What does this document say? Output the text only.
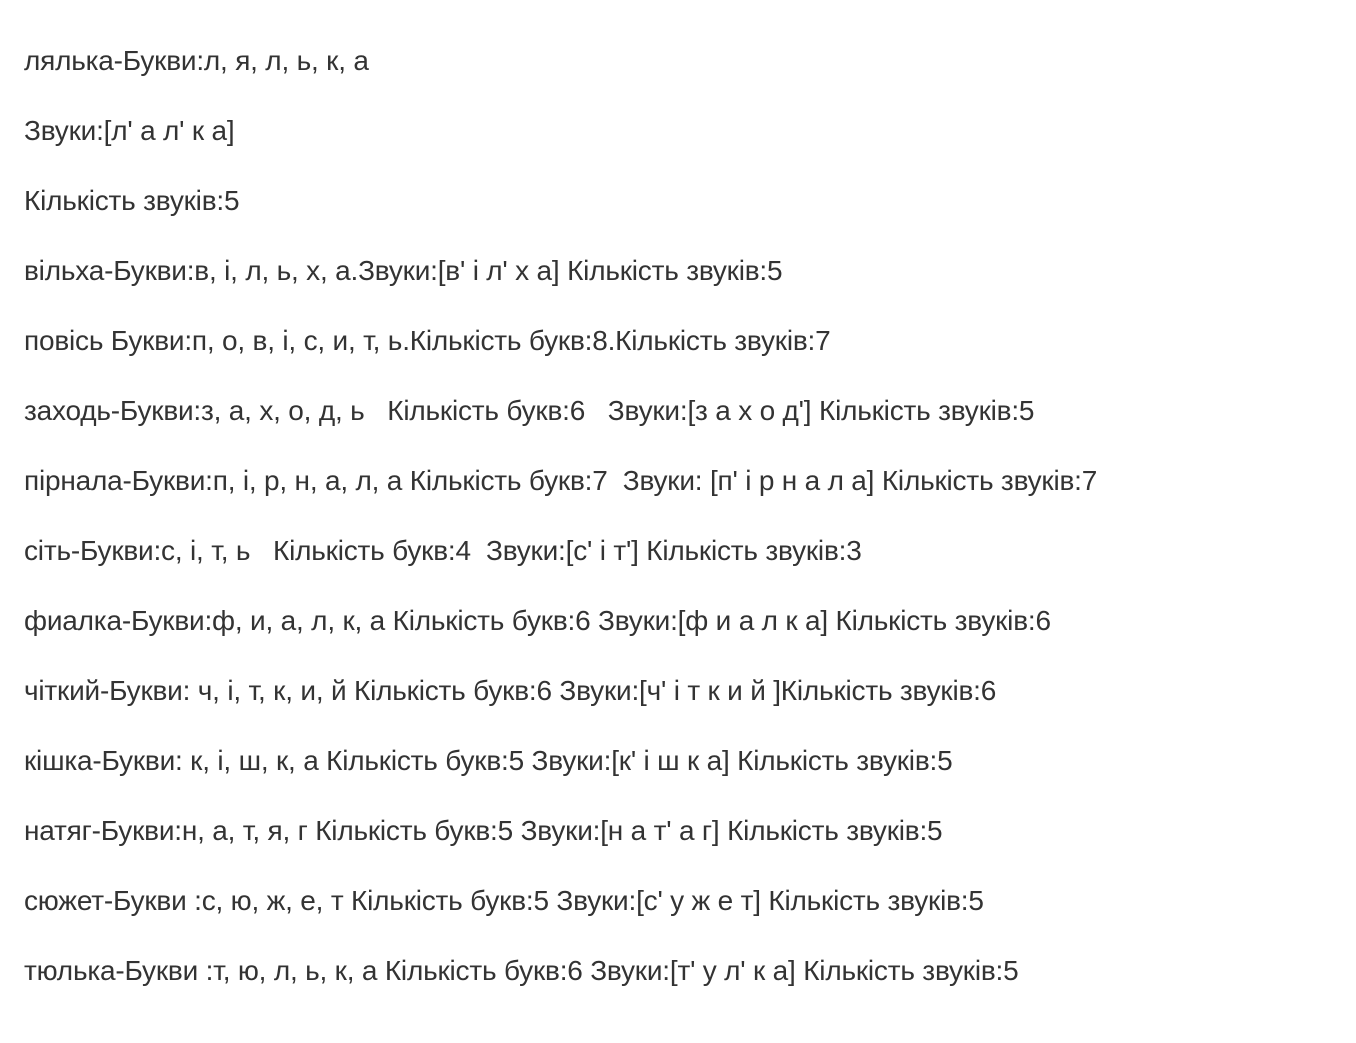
лялька-Букви:л, я, л, ь, к, а
Звуки:[л' а л' к а]
Кількість звуків:5
вільха-Букви:в, і, л, ь, х, а.Звуки:[в' і л' х а] Кількість звуків:5
повісь Букви:п, о, в, і, с, и, т, ь.Кількість букв:8.Кількість звуків:7
заходь-Букви:з, а, х, о, д, ь   Кількість букв:6   Звуки:[з а х о д'] Кількість звуків:5
пірнала-Букви:п, і, р, н, а, л, а Кількість букв:7  Звуки: [п' і р н а л а] Кількість звуків:7
сіть-Букви:с, і, т, ь   Кількість букв:4  Звуки:[с' і т'] Кількість звуків:3
фиалка-Букви:ф, и, а, л, к, а Кількість букв:6 Звуки:[ф и а л к а] Кількість звуків:6
чіткий-Букви: ч, і, т, к, и, й Кількість букв:6 Звуки:[ч' і т к и й ]Кількість звуків:6
кішка-Букви: к, і, ш, к, а Кількість букв:5 Звуки:[к' і ш к а] Кількість звуків:5
натяг-Букви:н, а, т, я, г Кількість букв:5 Звуки:[н а т' а г] Кількість звуків:5
сюжет-Букви :с, ю, ж, е, т Кількість букв:5 Звуки:[с' у ж е т] Кількість звуків:5
тюлька-Букви :т, ю, л, ь, к, а Кількість букв:6 Звуки:[т' у л' к а] Кількість звуків:5
